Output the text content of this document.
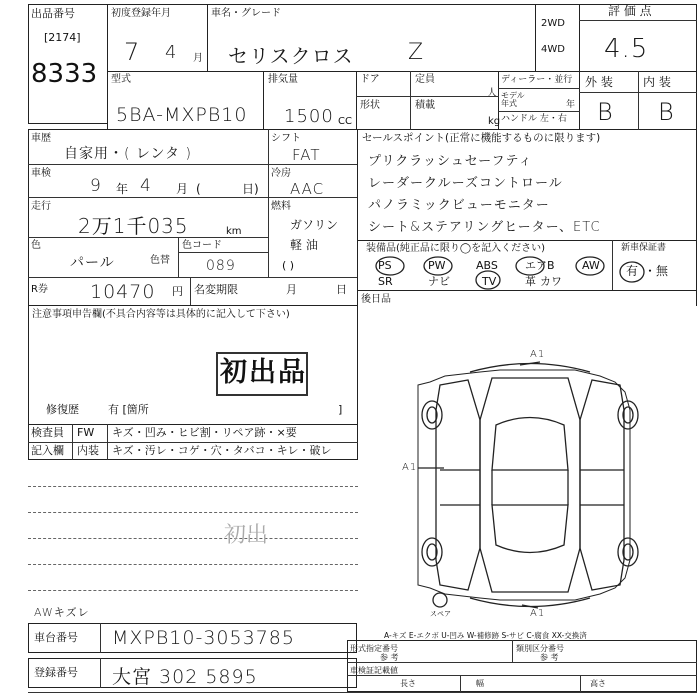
出品番号
[2174]
8333
初度登録年月
7 4 月
車名・グレード
セリスクロス Z
2WD
4WD
評 価 点
4.5
型式
5BA-MXPB10
排気量
1500 CC
ドア	定員
人
形状	積載
kg
ディーラー・並行
モデル 年式	年
ハンドル 左・右
外 装	内 装
B B
車歴
自家用・( レンタ )
車検
9 年 4 月 (	日)
走行
2万1千035	km
色
パール	色替
色コード
089
R券 10470 円 名変期限	月	日
シフト
FAT
冷房
AAC
燃料
ガソリン
軽 油
( )
セールスポイント(正常に機能するものに限ります)
プリクラッシュセーフティ
レーダークルーズコントロール
パノラミックビューモニター
シート&ステアリングヒーター、ETC
装備品(純正品に限り◯を記入ください)
PS	PW	ABS エアB AW
SR	ナビ	TV	革 カワ
新車保証書
有 ・無
後日品
注意事項申告欄(不具合内容等は具体的に記入して下さい)
初出品
修復歴	有 [箇所	]
検査員
記入欄
FW キズ・凹み・ヒビ割・リペア跡・×要
内装 キズ・汚レ・コゲ・穴・タバコ・キレ・破レ
初出
AWキズレ
車台番号 MXPB10-3053785
登録番号 大宮 302 5895
A-キズ E-エクボ U-凹み W-補修跡 S-サビ C-腐食 XX-交換済
形式指定番号
参 考
類別区分番号
参 考
車検証記載値
長さ	幅	高さ
A1
A1
A1
スペア
